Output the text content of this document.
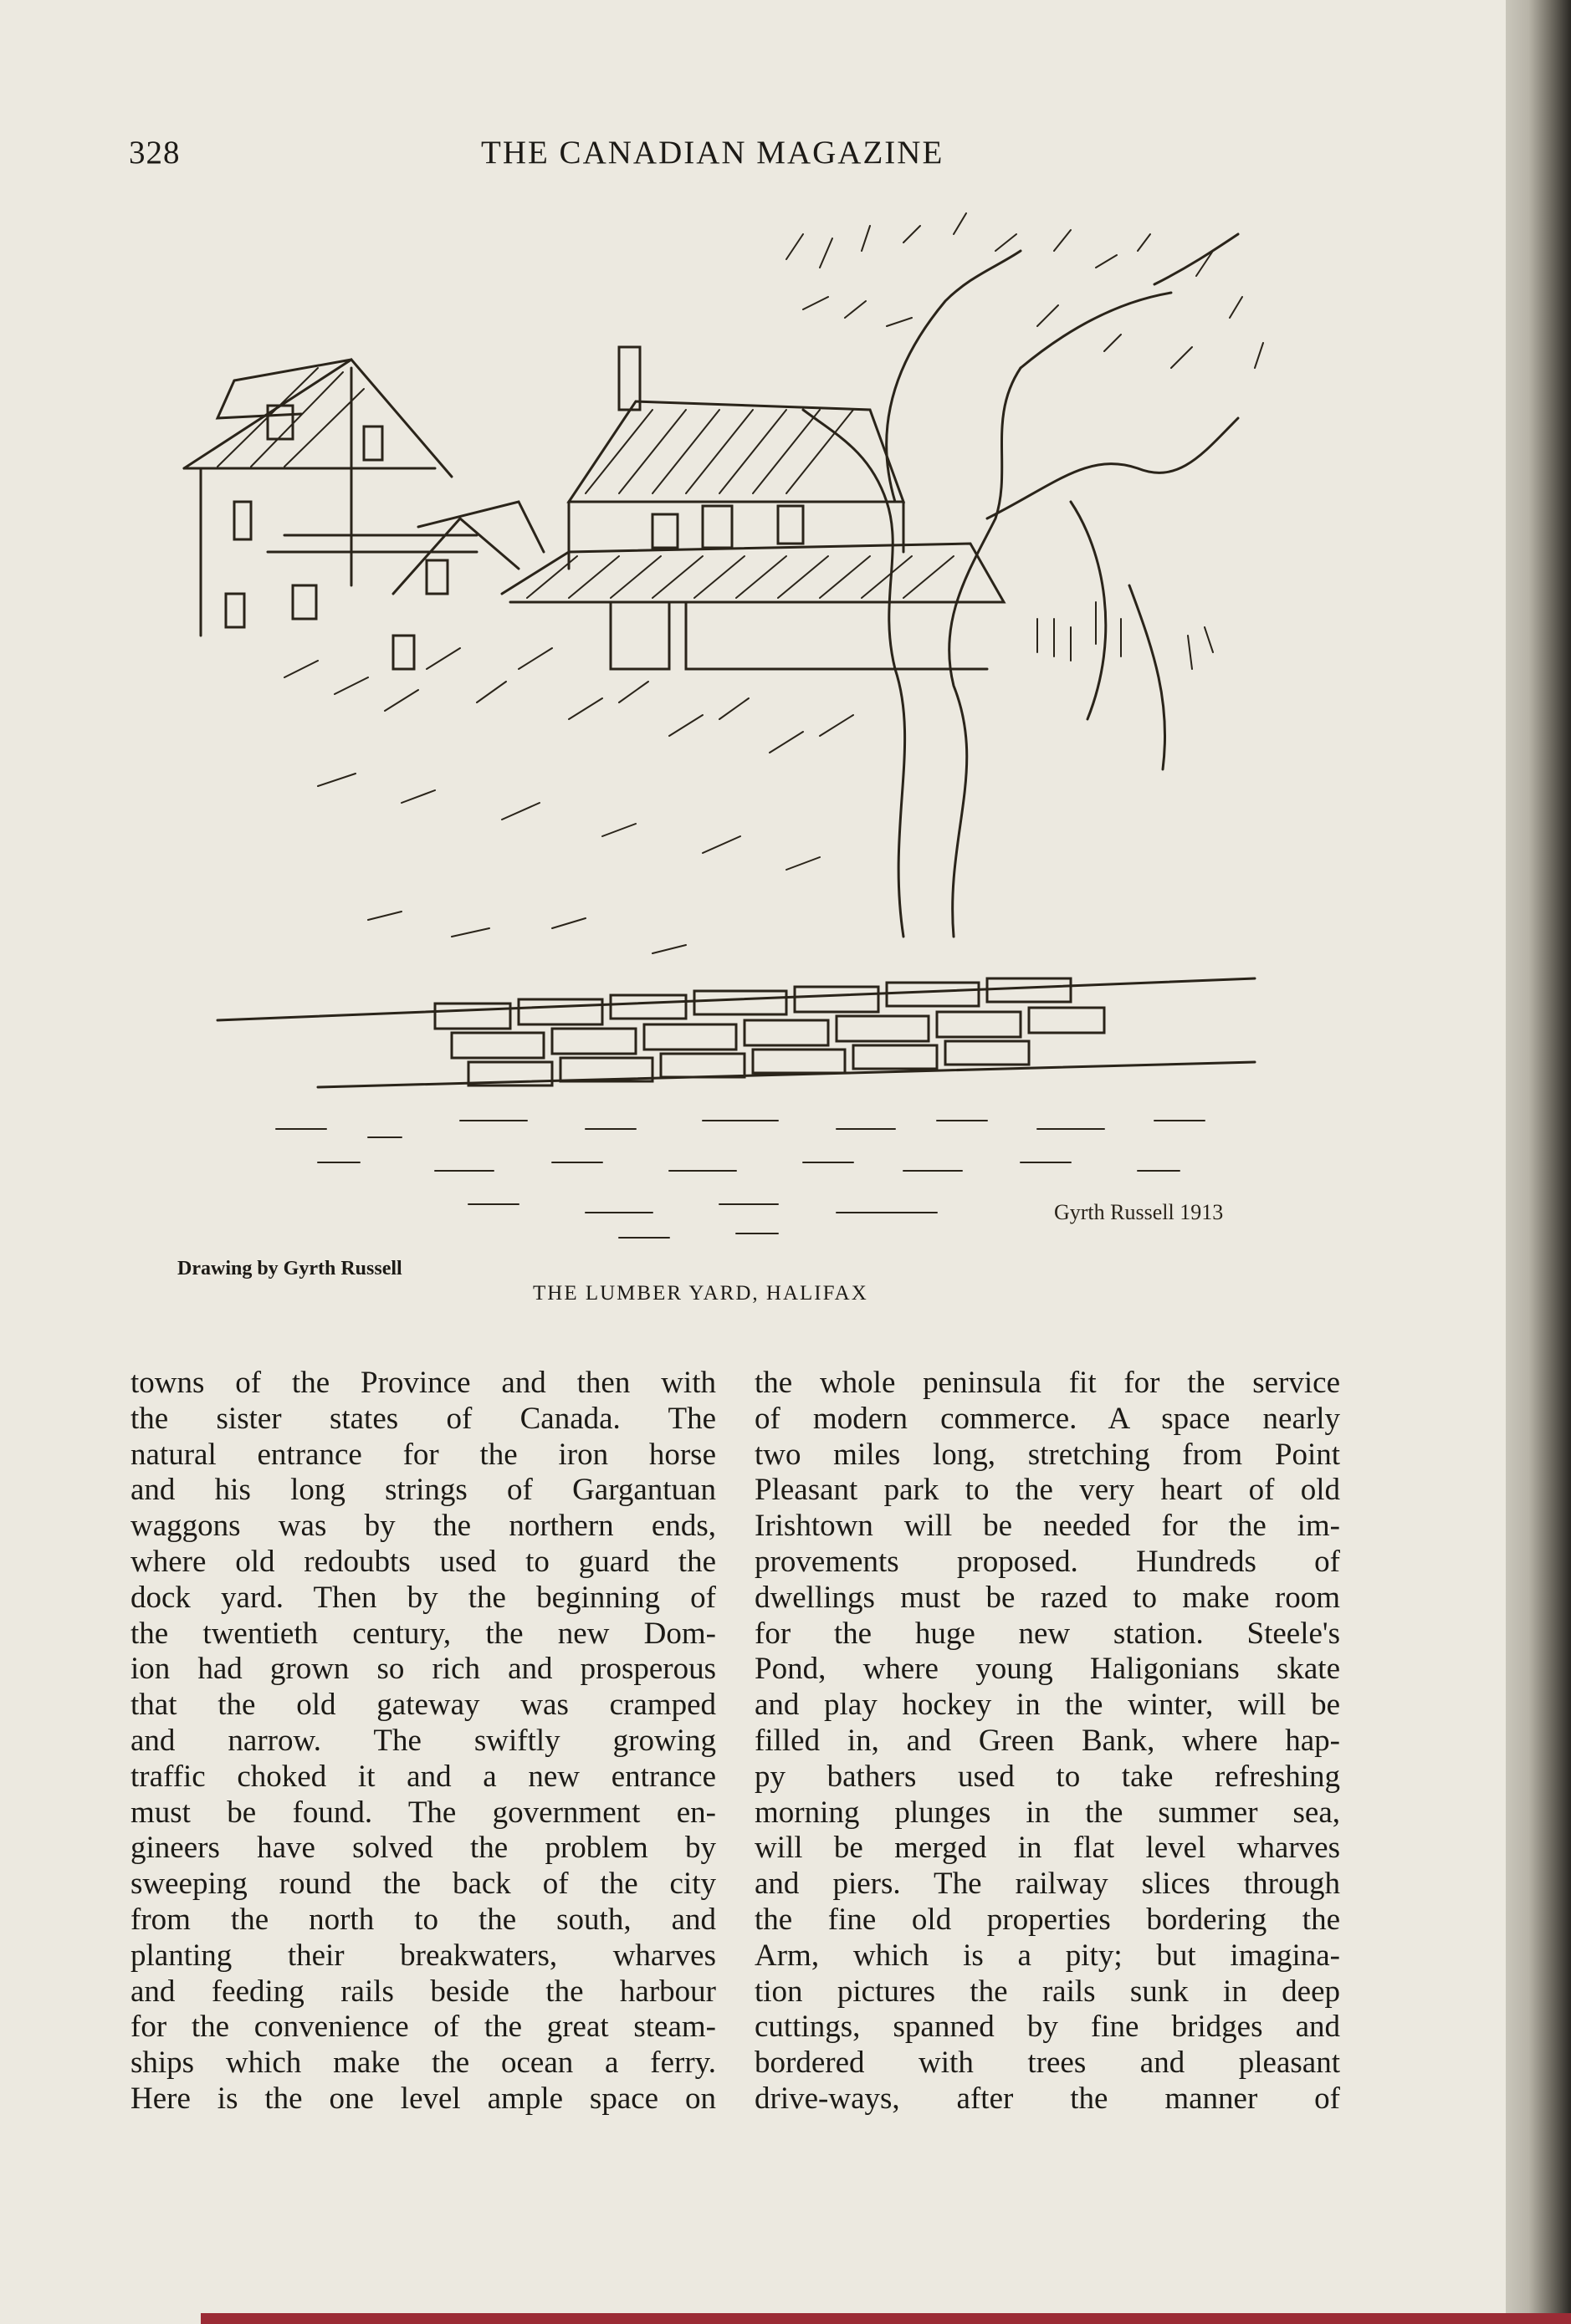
328	THE CANADIAN MAGAZINE
Gyrth Russell 1913
Drawing by Gyrth Russell
THE LUMBER YARD, HALIFAX
towns of the Province and then with
the sister states of Canada. The
natural entrance for the iron horse
and his long strings of Gargantuan
waggons was by the northern ends,
where old redoubts used to guard the
dock yard. Then by the beginning of
the twentieth century, the new Dom-
ion had grown so rich and prosperous
that the old gateway was cramped
and narrow. The swiftly growing
traffic choked it and a new entrance
must be found. The government en-
gineers have solved the problem by
sweeping round the back of the city
from the north to the south, and
planting their breakwaters, wharves
and feeding rails beside the harbour
for the convenience of the great steam-
ships which make the ocean a ferry.
Here is the one level ample space on
the whole peninsula fit for the service
of modern commerce. A space nearly
two miles long, stretching from Point
Pleasant park to the very heart of old
Irishtown will be needed for the im-
provements proposed. Hundreds of
dwellings must be razed to make room
for the huge new station. Steele's
Pond, where young Haligonians skate
and play hockey in the winter, will be
filled in, and Green Bank, where hap-
py bathers used to take refreshing
morning plunges in the summer sea,
will be merged in flat level wharves
and piers. The railway slices through
the fine old properties bordering the
Arm, which is a pity; but imagina-
tion pictures the rails sunk in deep
cuttings, spanned by fine bridges and
bordered with trees and pleasant
drive-ways, after the manner of
